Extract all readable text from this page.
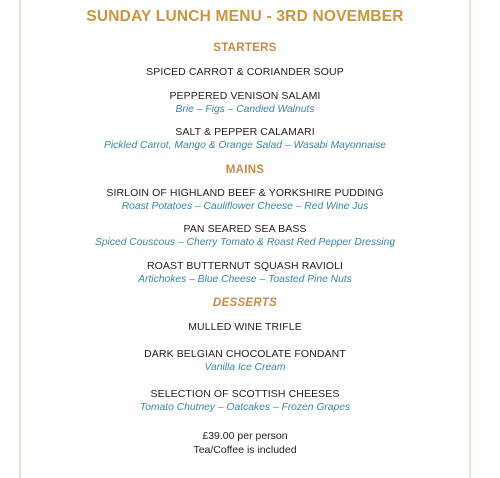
SUNDAY LUNCH MENU - 3RD NOVEMBER
STARTERS
SPICED CARROT & CORIANDER SOUP
PEPPERED VENISON SALAMI
Brie – Figs – Candied Walnuts
SALT & PEPPER CALAMARI
Pickled Carrot, Mango & Orange Salad – Wasabi Mayonnaise
MAINS
SIRLOIN OF HIGHLAND BEEF & YORKSHIRE PUDDING
Roast Potatoes – Cauliflower Cheese – Red Wine Jus
PAN SEARED SEA BASS
Spiced Couscous – Cherry Tomato & Roast Red Pepper Dressing
ROAST BUTTERNUT SQUASH RAVIOLI
Artichokes – Blue Cheese – Toasted Pine Nuts
DESSERTS
MULLED WINE TRIFLE
DARK BELGIAN CHOCOLATE FONDANT
Vanilla Ice Cream
SELECTION OF SCOTTISH CHEESES
Tomato Chutney – Oatcakes – Frozen Grapes
£39.00 per person
Tea/Coffee is included
